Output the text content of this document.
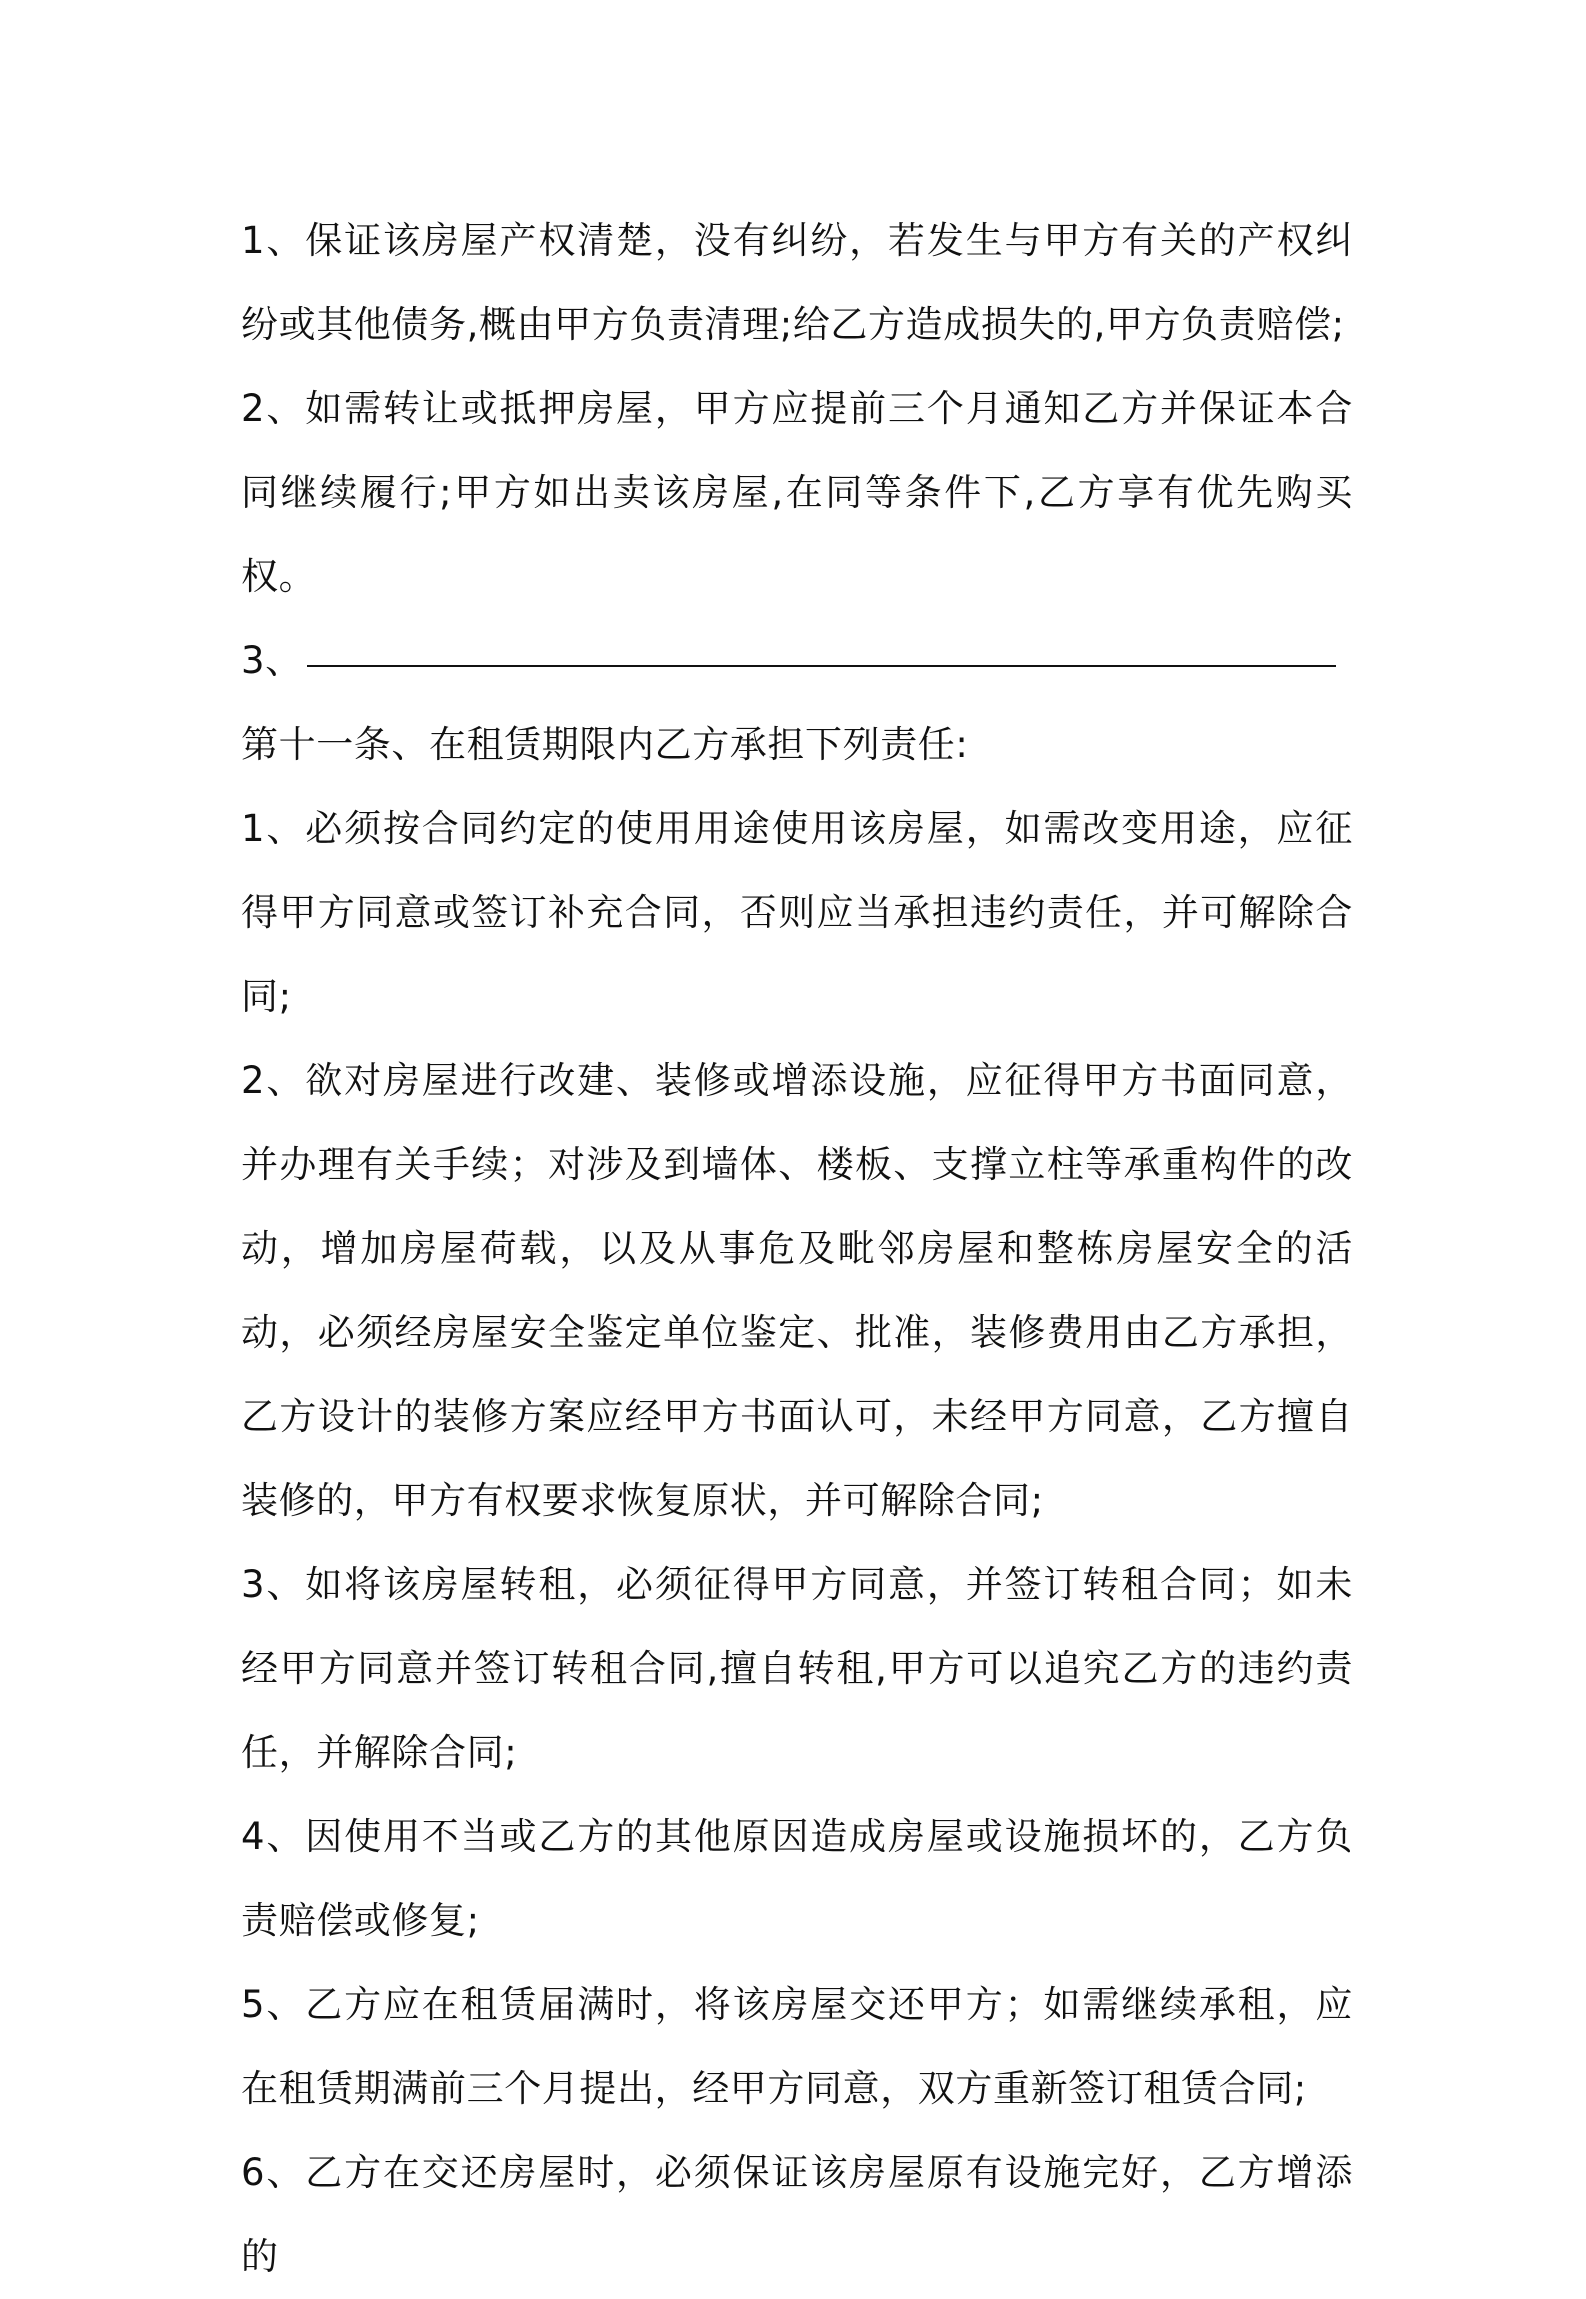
1、保证该房屋产权清楚，没有纠纷，若发生与甲方有关的产权纠纷或其他债务,概由甲方负责清理;给乙方造成损失的,甲方负责赔偿;

2、如需转让或抵押房屋，甲方应提前三个月通知乙方并保证本合同继续履行;甲方如出卖该房屋,在同等条件下,乙方享有优先购买权。

3、

第十一条、在租赁期限内乙方承担下列责任:

1、必须按合同约定的使用用途使用该房屋，如需改变用途，应征得甲方同意或签订补充合同，否则应当承担违约责任，并可解除合同;

2、欲对房屋进行改建、装修或增添设施，应征得甲方书面同意，并办理有关手续；对涉及到墙体、楼板、支撑立柱等承重构件的改动，增加房屋荷载，以及从事危及毗邻房屋和整栋房屋安全的活动，必须经房屋安全鉴定单位鉴定、批准，装修费用由乙方承担，乙方设计的装修方案应经甲方书面认可，未经甲方同意，乙方擅自装修的，甲方有权要求恢复原状，并可解除合同;

3、如将该房屋转租，必须征得甲方同意，并签订转租合同；如未经甲方同意并签订转租合同,擅自转租,甲方可以追究乙方的违约责任，并解除合同;

4、因使用不当或乙方的其他原因造成房屋或设施损坏的，乙方负责赔偿或修复;

5、乙方应在租赁届满时，将该房屋交还甲方；如需继续承租，应在租赁期满前三个月提出，经甲方同意，双方重新签订租赁合同;

6、乙方在交还房屋时，必须保证该房屋原有设施完好，乙方增添的
